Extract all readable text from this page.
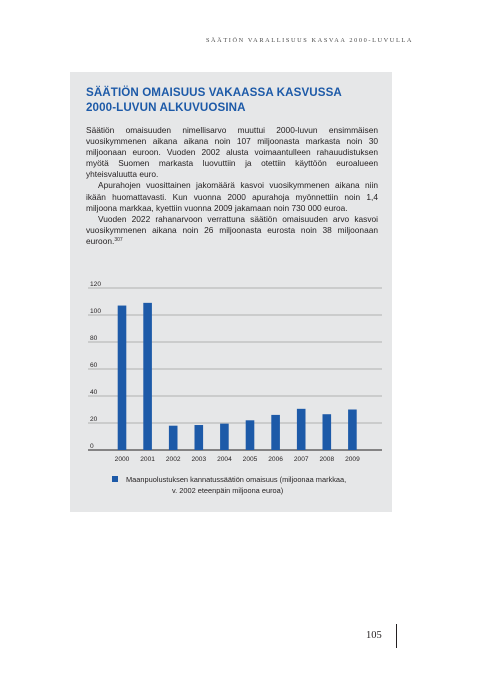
SÄÄTIÖN VARALLISUUS KASVAA 2000-LUVULLA
SÄÄTIÖN OMAISUUS VAKAASSA KASVUSSA
2000-LUVUN ALKUVUOSINA

Säätiön omaisuuden nimellisarvo muuttui 2000-luvun ensimmäisen vuosikymmenen aikana aikana noin 107 miljoonasta markasta noin 30 miljoonaan euroon. Vuoden 2002 alusta voimaantulleen rahauudistuksen myötä Suomen markasta luovuttiin ja otettiin käyttöön euroalueen yhteisvaluutta euro.

Apurahojen vuosittainen jakomäärä kasvoi vuosikymmenen aikana niin ikään huomattavasti. Kun vuonna 2000 apurahoja myönnettiin noin 1,4 miljoona markkaa, kyettiin vuonna 2009 jakamaan noin 730 000 euroa.

Vuoden 2022 rahanarvoon verrattuna säätiön omaisuuden arvo kasvoi vuosikymmenen aikana noin 26 miljoonasta eurosta noin 38 miljoonaan euroon.$^{307}$

0
20
40
60
80
100
120
2000 2001 2002 2003 2004 2005 2006 2007 2008 2009
Maanpuolustuksen kannatussäätiön omaisuus (miljoonaa markkaa,
v. 2002 eteenpäin miljoona euroa)
105
